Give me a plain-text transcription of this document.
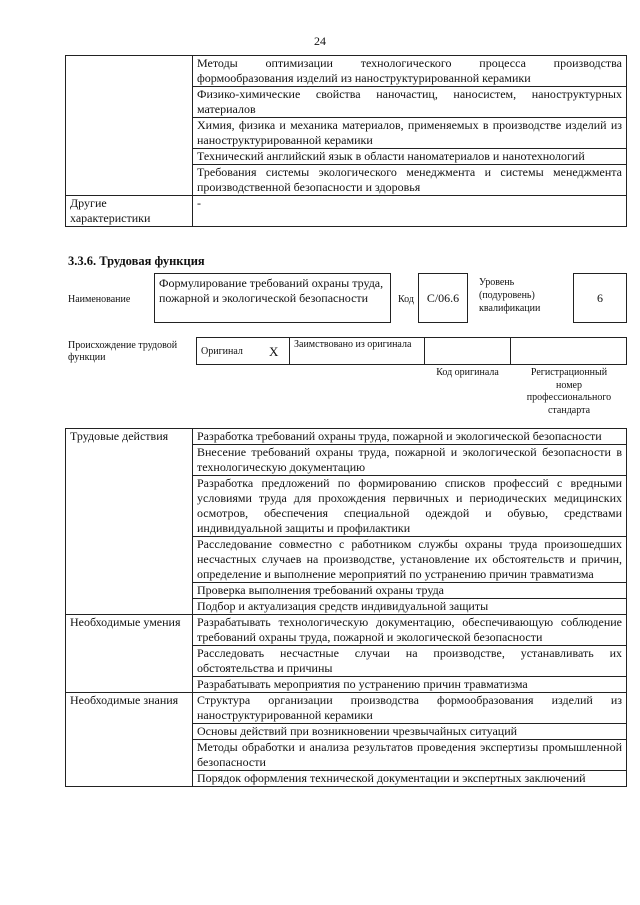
24
	Методы оптимизации технологического процесса производства формообразования изделий из наноструктурированной керамики
	Физико-химические свойства наночастиц, наносистем, наноструктурных материалов
	Химия, физика и механика материалов, применяемых в производстве изделий из наноструктурированной керамики
	Технический английский язык в области наноматериалов и нанотехнологий
	Требования системы экологического менеджмента и системы менеджмента производственной безопасности и здоровья
Другие характеристики	-
3.3.6. Трудовая функция
Наименование
Формулирование требований охраны труда, пожарной и экологической безопасности	Код	С/06.6
Уровень (подуровень) квалификации
6
Происхождение трудовой функции
Оригинал X	Заимствовано из оригинала
Код оригинала	Регистрационный номер профессионального стандарта
Трудовые действия	Разработка требований охраны труда, пожарной и экологической безопасности
	Внесение требований охраны труда, пожарной и экологической безопасности в технологическую документацию
	Разработка предложений по формированию списков профессий с вредными условиями труда для прохождения первичных и периодических медицинских осмотров, обеспечения специальной одеждой и обувью, средствами индивидуальной защиты и профилактики
	Расследование совместно с работником службы охраны труда произошедших несчастных случаев на производстве, установление их обстоятельств и причин, определение и выполнение мероприятий по устранению причин травматизма
	Проверка выполнения требований охраны труда
	Подбор и актуализация средств индивидуальной защиты
Необходимые умения	Разрабатывать технологическую документацию, обеспечивающую соблюдение требований охраны труда, пожарной и экологической безопасности
	Расследовать несчастные случаи на производстве, устанавливать их обстоятельства и причины
	Разрабатывать мероприятия по устранению причин травматизма
Необходимые знания	Структура организации производства формообразования изделий из наноструктурированной керамики
	Основы действий при возникновении чрезвычайных ситуаций
	Методы обработки и анализа результатов проведения экспертизы промышленной безопасности
	Порядок оформления технической документации и экспертных заключений
